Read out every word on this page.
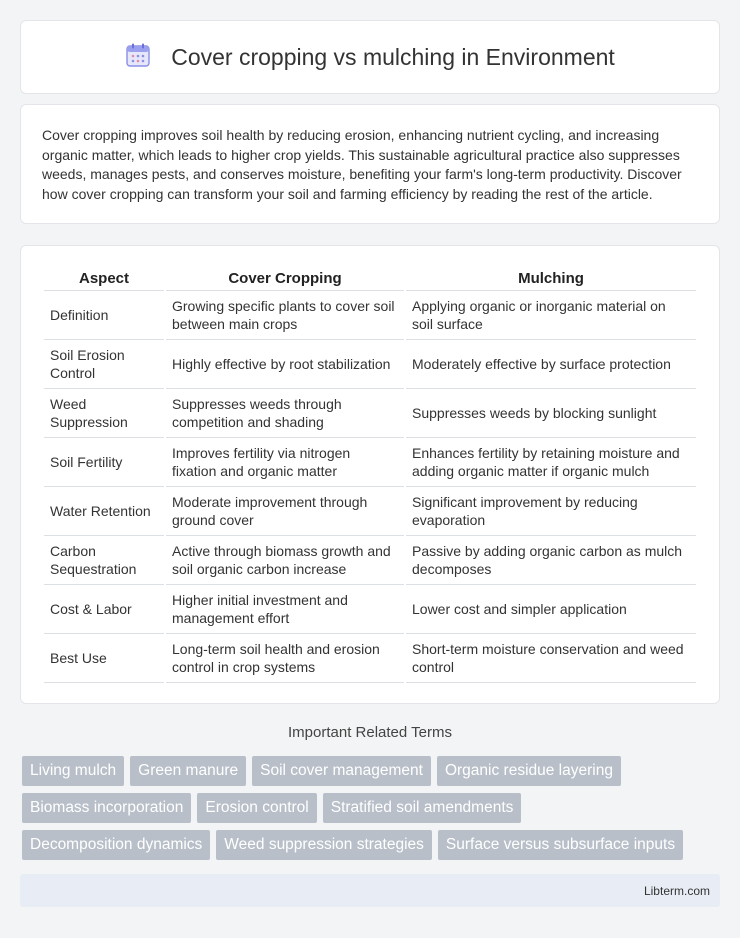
Cover cropping vs mulching in Environment

Cover cropping improves soil health by reducing erosion, enhancing nutrient cycling, and increasing organic matter, which leads to higher crop yields. This sustainable agricultural practice also suppresses weeds, manages pests, and conserves moisture, benefiting your farm's long-term productivity. Discover how cover cropping can transform your soil and farming efficiency by reading the rest of the article.

Aspect	Cover Cropping	Mulching
Definition	Growing specific plants to cover soil between main crops	Applying organic or inorganic material on soil surface
Soil Erosion Control	Highly effective by root stabilization	Moderately effective by surface protection
Weed Suppression	Suppresses weeds through competition and shading	Suppresses weeds by blocking sunlight
Soil Fertility	Improves fertility via nitrogen fixation and organic matter	Enhances fertility by retaining moisture and adding organic matter if organic mulch
Water Retention	Moderate improvement through ground cover	Significant improvement by reducing evaporation
Carbon Sequestration	Active through biomass growth and soil organic carbon increase	Passive by adding organic carbon as mulch decomposes
Cost & Labor	Higher initial investment and management effort	Lower cost and simpler application
Best Use	Long-term soil health and erosion control in crop systems	Short-term moisture conservation and weed control
Important Related Terms
Living mulch	Green manure	Soil cover management	Organic residue layering
Biomass incorporation	Erosion control	Stratified soil amendments
Decomposition dynamics	Weed suppression strategies	Surface versus subsurface inputs
Libterm.com
